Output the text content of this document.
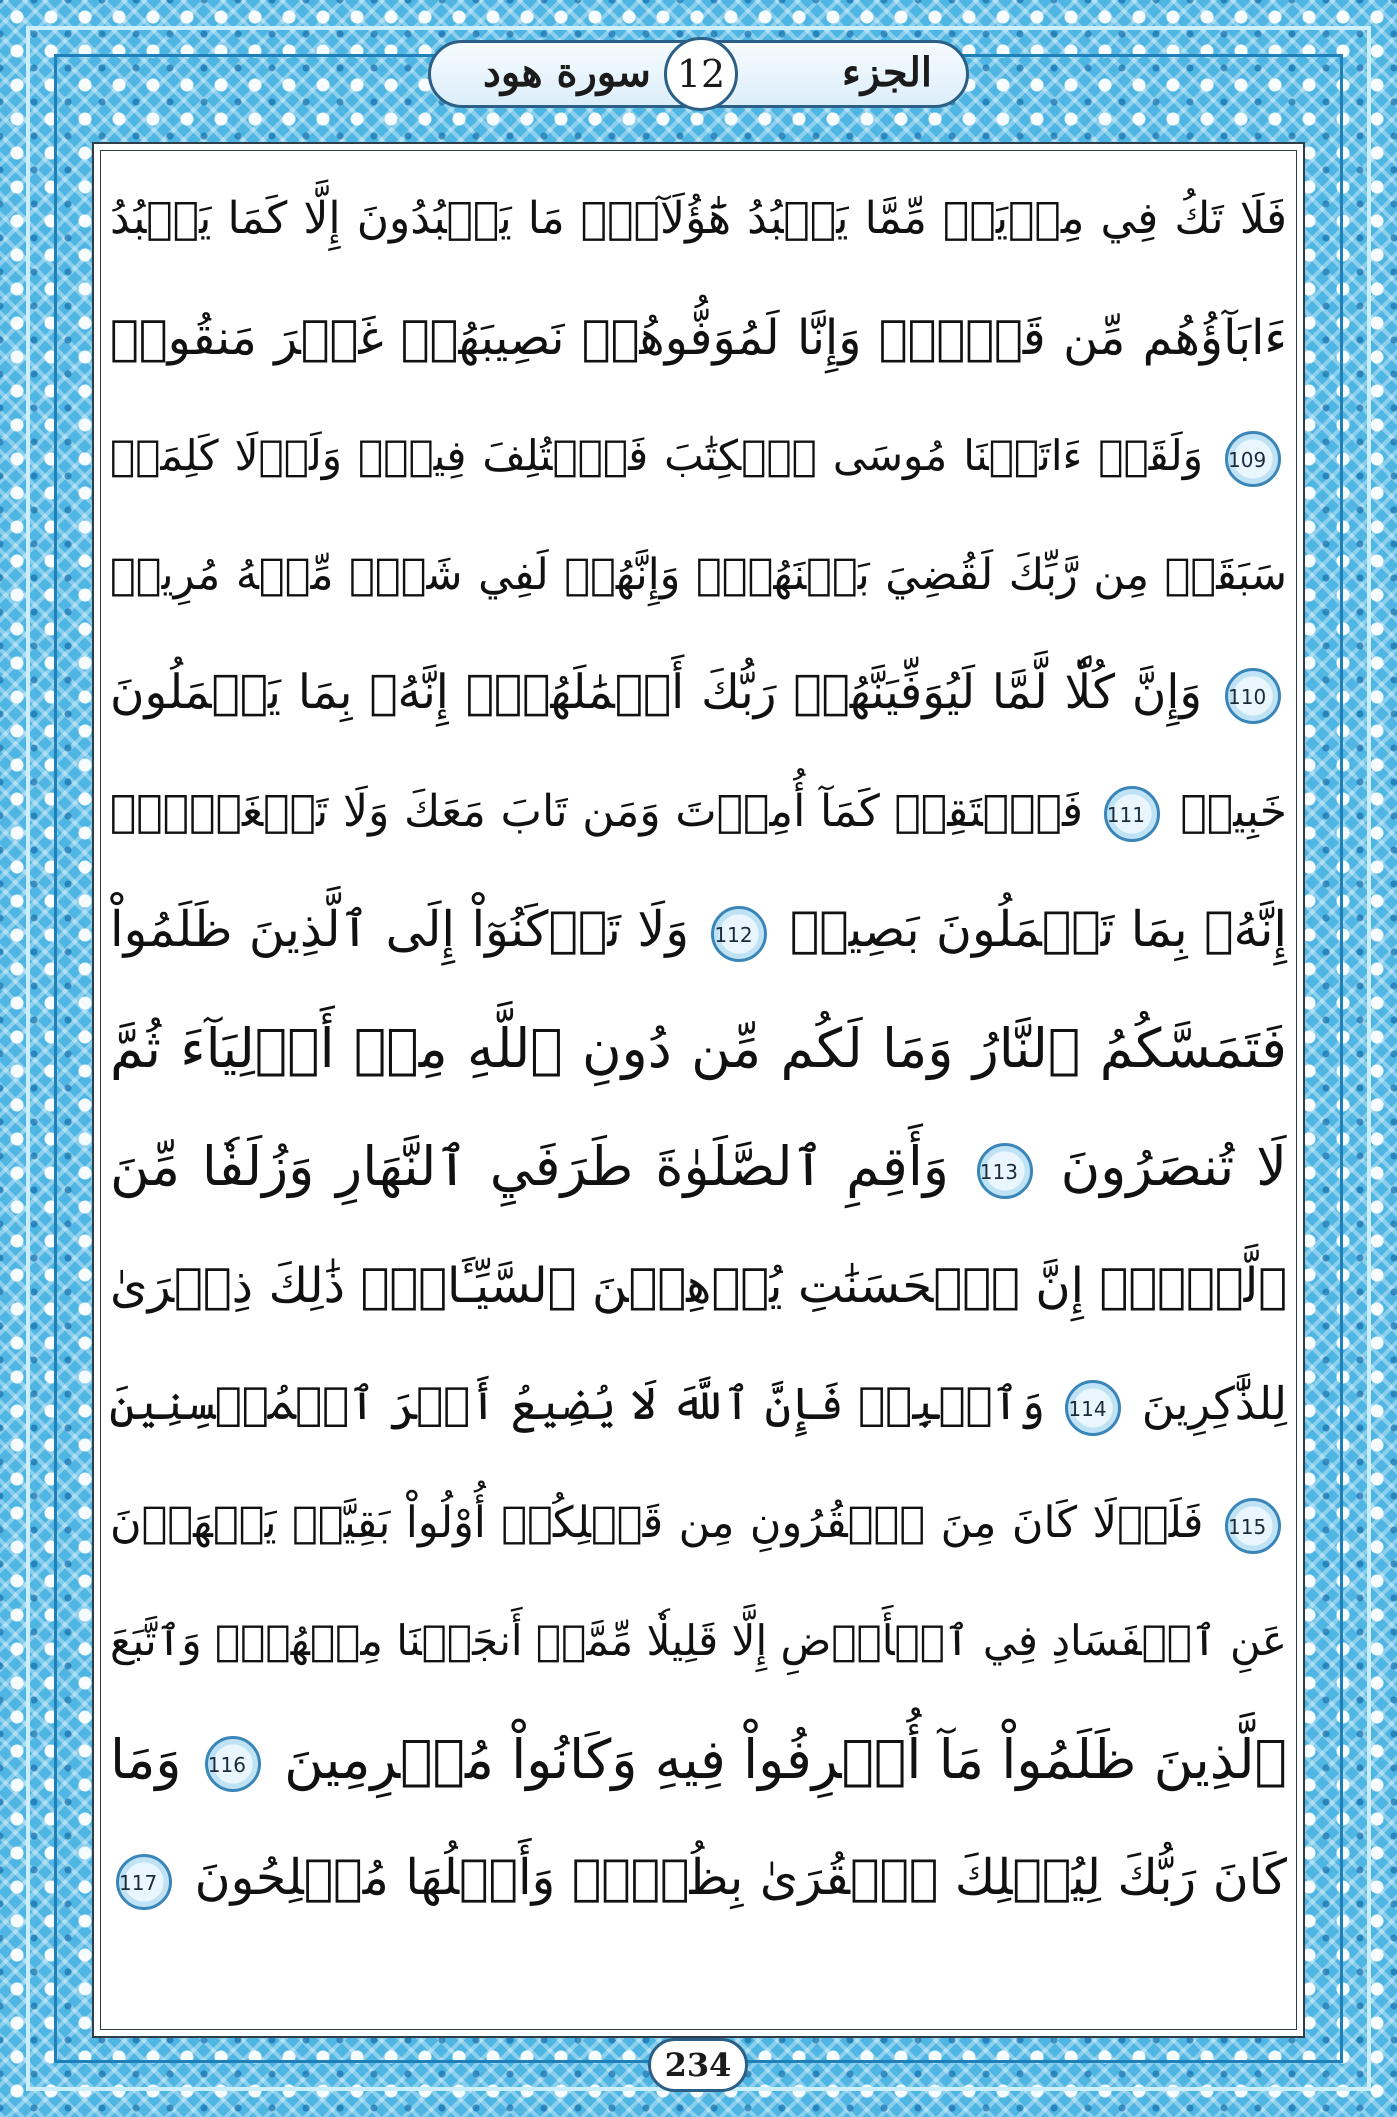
الجزء
12
سورة هود
فَلَا تَكُ فِي مِرۡيَةٖ مِّمَّا يَعۡبُدُ هَٰٓؤُلَآءِۚ مَا يَعۡبُدُونَ إِلَّا كَمَا يَعۡبُدُ
ءَابَآؤُهُم مِّن قَبۡلُۚ وَإِنَّا لَمُوَفُّوهُمۡ نَصِيبَهُمۡ غَيۡرَ مَنقُوصٖ
109 وَلَقَدۡ ءَاتَيۡنَا مُوسَى ٱلۡكِتَٰبَ فَٱخۡتُلِفَ فِيهِۚ وَلَوۡلَا كَلِمَةٞ
سَبَقَتۡ مِن رَّبِّكَ لَقُضِيَ بَيۡنَهُمۡۚ وَإِنَّهُمۡ لَفِي شَكّٖ مِّنۡهُ مُرِيبٖ
110 وَإِنَّ كُلّٗا لَّمَّا لَيُوَفِّيَنَّهُمۡ رَبُّكَ أَعۡمَٰلَهُمۡۚ إِنَّهُۥ بِمَا يَعۡمَلُونَ
خَبِيرٞ 111 فَٱسۡتَقِمۡ كَمَآ أُمِرۡتَ وَمَن تَابَ مَعَكَ وَلَا تَطۡغَوۡاْۚ
إِنَّهُۥ بِمَا تَعۡمَلُونَ بَصِيرٞ 112 وَلَا تَرۡكَنُوٓاْ إِلَى ٱلَّذِينَ ظَلَمُواْ
فَتَمَسَّكُمُ ٱلنَّارُ وَمَا لَكُم مِّن دُونِ ٱللَّهِ مِنۡ أَوۡلِيَآءَ ثُمَّ
لَا تُنصَرُونَ 113 وَأَقِمِ ٱلصَّلَوٰةَ طَرَفَيِ ٱلنَّهَارِ وَزُلَفٗا مِّنَ
ٱلَّيۡلِۚ إِنَّ ٱلۡحَسَنَٰتِ يُذۡهِبۡنَ ٱلسَّيِّـَٔاتِۚ ذَٰلِكَ ذِكۡرَىٰ
لِلذَّٰكِرِينَ 114 وَٱصۡبِرۡ فَإِنَّ ٱللَّهَ لَا يُضِيعُ أَجۡرَ ٱلۡمُحۡسِنِينَ
115 فَلَوۡلَا كَانَ مِنَ ٱلۡقُرُونِ مِن قَبۡلِكُمۡ أُوْلُواْ بَقِيَّةٖ يَنۡهَوۡنَ
عَنِ ٱلۡفَسَادِ فِي ٱلۡأَرۡضِ إِلَّا قَلِيلٗا مِّمَّنۡ أَنجَيۡنَا مِنۡهُمۡۗ وَٱتَّبَعَ
ٱلَّذِينَ ظَلَمُواْ مَآ أُتۡرِفُواْ فِيهِ وَكَانُواْ مُجۡرِمِينَ 116 وَمَا
كَانَ رَبُّكَ لِيُهۡلِكَ ٱلۡقُرَىٰ بِظُلۡمٖ وَأَهۡلُهَا مُصۡلِحُونَ 117
234
